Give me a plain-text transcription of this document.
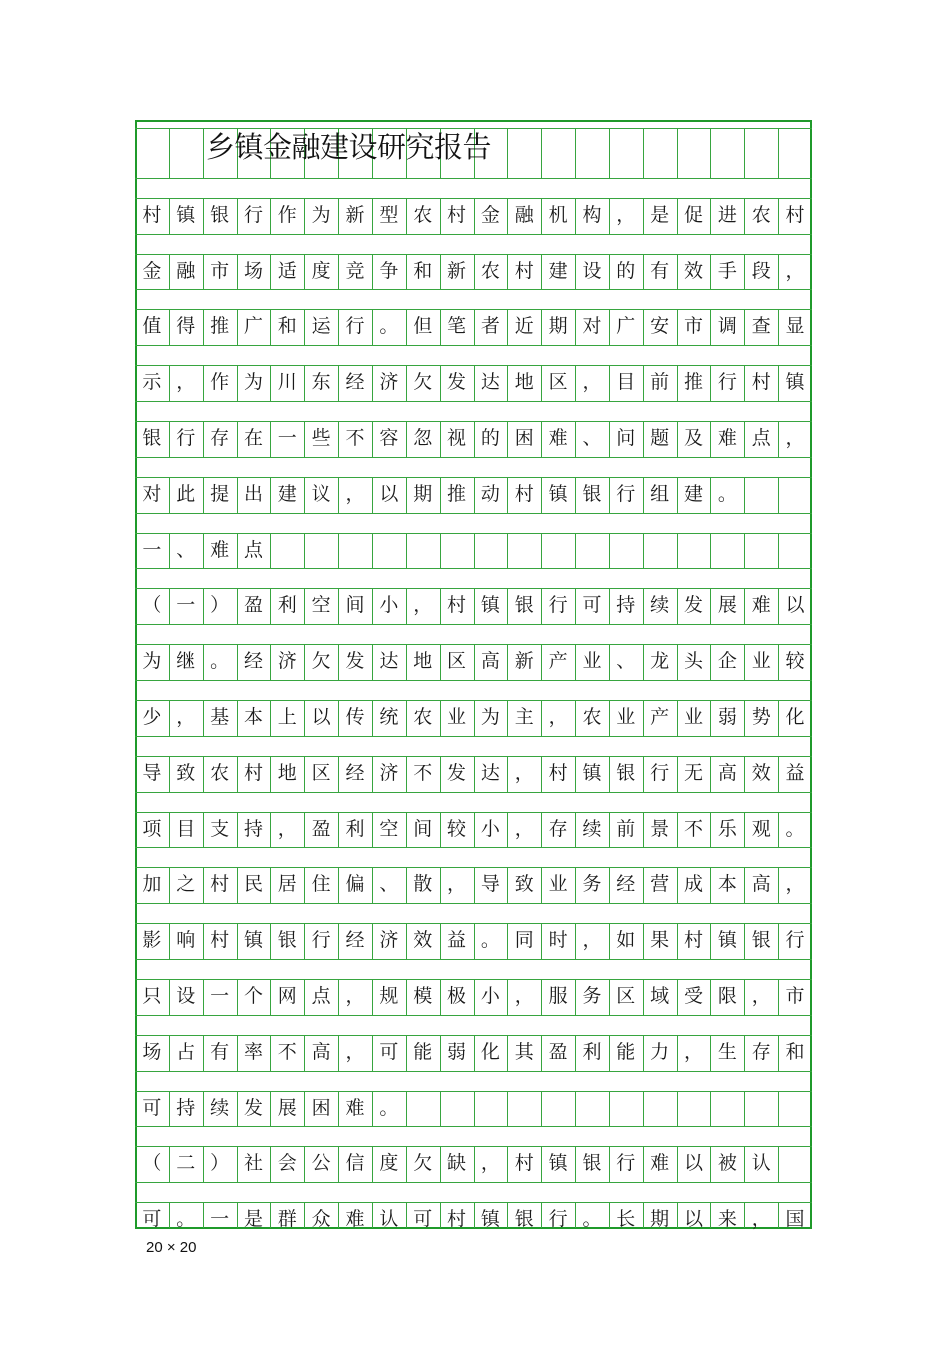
村 镇 银 行 作 为 新 型 农 村 金 融 机 构 ， 是 促 进 农 村
金 融 市 场 适 度 竞 争 和 新 农 村 建 设 的 有 效 手 段 ，
值 得 推 广 和 运 行 。 但 笔 者 近 期 对 广 安 市 调 查 显
示 ， 作 为 川 东 经 济 欠 发 达 地 区 ， 目 前 推 行 村 镇
银 行 存 在 一 些 不 容 忽 视 的 困 难 、 问 题 及 难 点 ，
对 此 提 出 建 议 ， 以 期 推 动 村 镇 银 行 组 建 。
一 、 难 点
（ 一 ） 盈 利 空 间 小 ， 村 镇 银 行 可 持 续 发 展 难 以
为 继 。 经 济 欠 发 达 地 区 高 新 产 业 、 龙 头 企 业 较
少 ， 基 本 上 以 传 统 农 业 为 主 ， 农 业 产 业 弱 势 化
导 致 农 村 地 区 经 济 不 发 达 ， 村 镇 银 行 无 高 效 益
项 目 支 持 ， 盈 利 空 间 较 小 ， 存 续 前 景 不 乐 观 。
加 之 村 民 居 住 偏 、 散 ， 导 致 业 务 经 营 成 本 高 ，
影 响 村 镇 银 行 经 济 效 益 。 同 时 ， 如 果 村 镇 银 行
只 设 一 个 网 点 ， 规 模 极 小 ， 服 务 区 域 受 限 ， 市
场 占 有 率 不 高 ， 可 能 弱 化 其 盈 利 能 力 ， 生 存 和
可 持 续 发 展 困 难 。
（ 二 ） 社 会 公 信 度 欠 缺 ， 村 镇 银 行 难 以 被 认
可 。 一 是 群 众 难 认 可 村 镇 银 行 。 长 期 以 来 ， 国
乡镇金融建设研究报告
20 × 20
